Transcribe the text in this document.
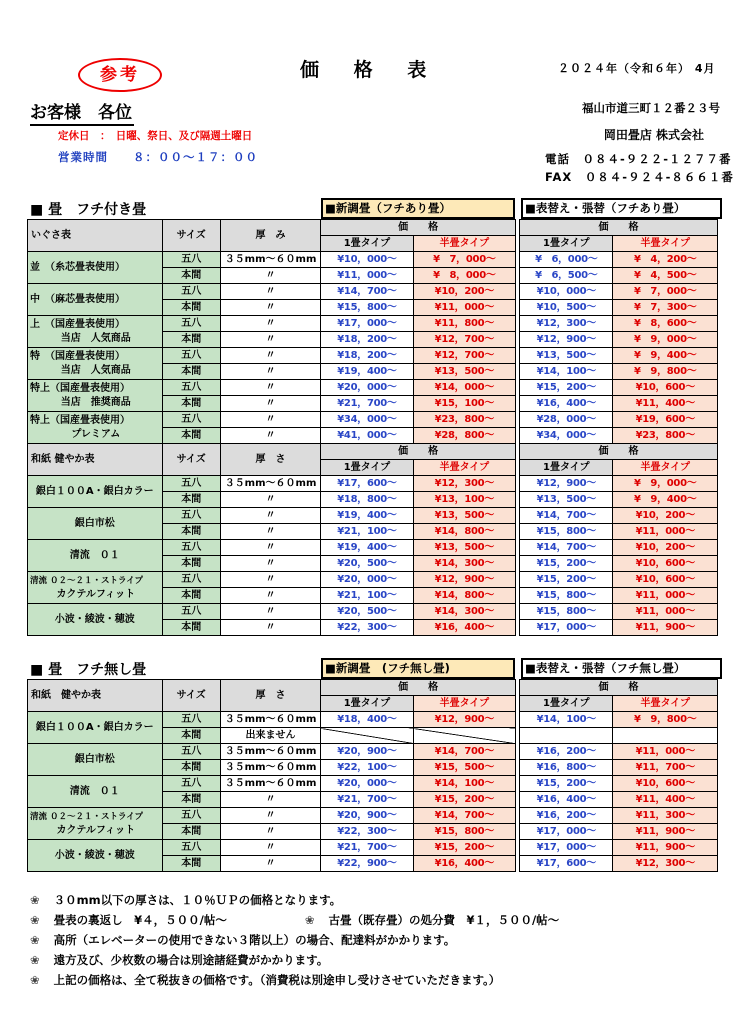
参考	価 格 表	２０２４年（令和６年） 4月
お客様　各位	福山市道三町１２番２３号
岡田畳店 株式会社
電話　 ０８４-９２２-１２７７番
FAX　 ０８４-９２４-８６６１番
定休日　：　 日曜、祭日、及び隔週土曜日
営業時間　　 ８：００～１７：００
■ 畳　フチ付き畳	■新調畳（フチあり畳）	■表替え・張替（フチあり畳）
いぐさ表	サイズ	厚　み	価　　格			価　　格	
			1畳タイプ	半畳タイプ		1畳タイプ	半畳タイプ
並　（糸芯畳表使用）	五八	３５mm～６０mm	¥10，000～	¥　7，000～		¥　6，000～	¥　4，200～
	本間	〃	¥11，000～	¥　8，000～		¥　6，500～	¥　4，500～
中　（麻芯畳表使用）	五八	〃	¥14，700～	¥10，200～		¥10，000～	¥　7，000～
	本間	〃	¥15，800～	¥11，000～		¥10，500～	¥　7，300～

上　（国産畳表使用）
当店　人気商品	五八	〃	¥17，000～	¥11，800～		¥12，300～	¥　8，600～
	本間	〃	¥18，200～	¥12，700～		¥12，900～	¥　9，000～

特　（国産畳表使用）
当店　人気商品	五八	〃	¥18，200～	¥12，700～		¥13，500～	¥　9，400～
	本間	〃	¥19，400～	¥13，500～		¥14，100～	¥　9，800～

特上（国産畳表使用）
当店　推奨商品	五八	〃	¥20，000～	¥14，000～		¥15，200～	¥10，600～
	本間	〃	¥21，700～	¥15，100～		¥16，400～	¥11，400～

特上（国産畳表使用）
プレミアム	五八	〃	¥34，000～	¥23，800～		¥28，000～	¥19，600～
	本間	〃	¥41，000～	¥28，800～		¥34，000～	¥23，800～
和紙 健やか表	サイズ	厚　さ	価　　格			価　　格	
			1畳タイプ	半畳タイプ		1畳タイプ	半畳タイプ
銀白１００A・銀白カラー	五八	３５mm～６０mm	¥17，600～	¥12，300～		¥12，900～	¥　9，000～
	本間	〃	¥18，800～	¥13，100～		¥13，500～	¥　9，400～
銀白市松	五八	〃	¥19，400～	¥13，500～		¥14，700～	¥10，200～
	本間	〃	¥21，100～	¥14，800～		¥15，800～	¥11，000～
清流　０１	五八	〃	¥19，400～	¥13，500～		¥14，700～	¥10，200～
	本間	〃	¥20，500～	¥14，300～		¥15，200～	¥10，600～

清流 ０２～２１・ストライプ
カクテルフィット	五八	〃	¥20，000～	¥12，900～		¥15，200～	¥10，600～
	本間	〃	¥21，100～	¥14，800～		¥15，800～	¥11，000～
小波・綾波・穂波	五八	〃	¥20，500～	¥14，300～		¥15，800～	¥11，000～
	本間	〃	¥22，300～	¥16，400～		¥17，000～	¥11，900～
■ 畳　フチ無し畳	■新調畳　(フチ無し畳)	■表替え・張替（フチ無し畳）
和紙　健やか表	サイズ	厚　さ	価　　格			価　　格	
			1畳タイプ	半畳タイプ		1畳タイプ	半畳タイプ
銀白１００A・銀白カラー	五八	３５mm～６０mm	¥18，400～	¥12，900～		¥14，100～	¥　9，800～
	本間	出来ません					
銀白市松	五八	３５mm～６０mm	¥20，900～	¥14，700～		¥16，200～	¥11，000～
	本間	３５mm～６０mm	¥22，100～	¥15，500～		¥16，800～	¥11，700～
清流　０１	五八	３５mm～６０mm	¥20，000～	¥14，100～		¥15，200～	¥10，600～
	本間	〃	¥21，700～	¥15，200～		¥16，400～	¥11，400～

清流 ０２～２１・ストライプ
カクテルフィット	五八	〃	¥20，900～	¥14，700～		¥16，200～	¥11，300～
	本間	〃	¥22，300～	¥15，800～		¥17，000～	¥11，900～
小波・綾波・穂波	五八	〃	¥21，700～	¥15，200～		¥17，000～	¥11，900～
	本間	〃	¥22，900～	¥16，400～		¥17，600～	¥12，300～
❀ ３０mm以下の厚さは、１０％ＵＰの価格となります。
❀ 畳表の裏返し　¥４，５００/帖～	❀ 古畳（既存畳）の処分費　¥１，５００/帖～
❀ 高所（エレベーターの使用できない３階以上）の場合、配達料がかかります。
❀ 遠方及び、少枚数の場合は別途諸経費がかかります。
❀ 上記の価格は、全て税抜きの価格です。（消費税は別途申し受けさせていただきます。）
